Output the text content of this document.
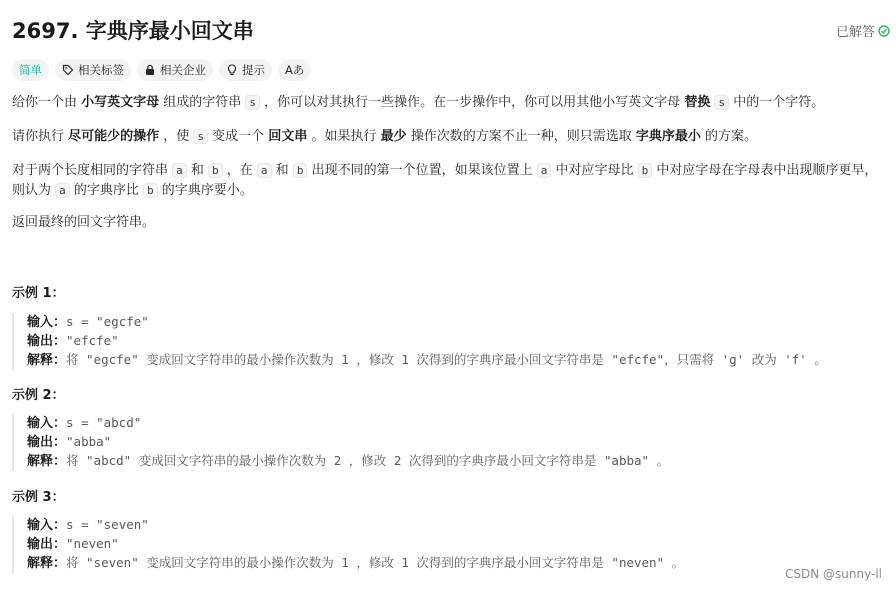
2697. 字典序最小回文串	已解答
简单	相关标签	相关企业	提示 Aあ

给你一个由 小写英文字母 组成的字符串 s ，你可以对其执行一些操作。在一步操作中，你可以用其他小写英文字母 替换 s 中的一个字符。

请你执行 尽可能少的操作 ，使 s 变成一个 回文串 。如果执行 最少 操作次数的方案不止一种，则只需选取 字典序最小 的方案。

对于两个长度相同的字符串 a 和 b ，在 a 和 b 出现不同的第一个位置，如果该位置上 a 中对应字母比 b 中对应字母在字母表中出现顺序更早，则认为 a 的字典序比 b 的字典序要小。

返回最终的回文字符串。

示例 1：
输入：s = "egcfe"
输出："efcfe"
解释：将 "egcfe" 变成回文字符串的最小操作次数为 1 ，修改 1 次得到的字典序最小回文字符串是 "efcfe"，只需将 'g' 改为 'f' 。
示例 2：
输入：s = "abcd"
输出："abba"
解释：将 "abcd" 变成回文字符串的最小操作次数为 2 ，修改 2 次得到的字典序最小回文字符串是 "abba" 。
示例 3：
输入：s = "seven"
输出："neven"
解释：将 "seven" 变成回文字符串的最小操作次数为 1 ，修改 1 次得到的字典序最小回文字符串是 "neven" 。
CSDN @sunny-ll
